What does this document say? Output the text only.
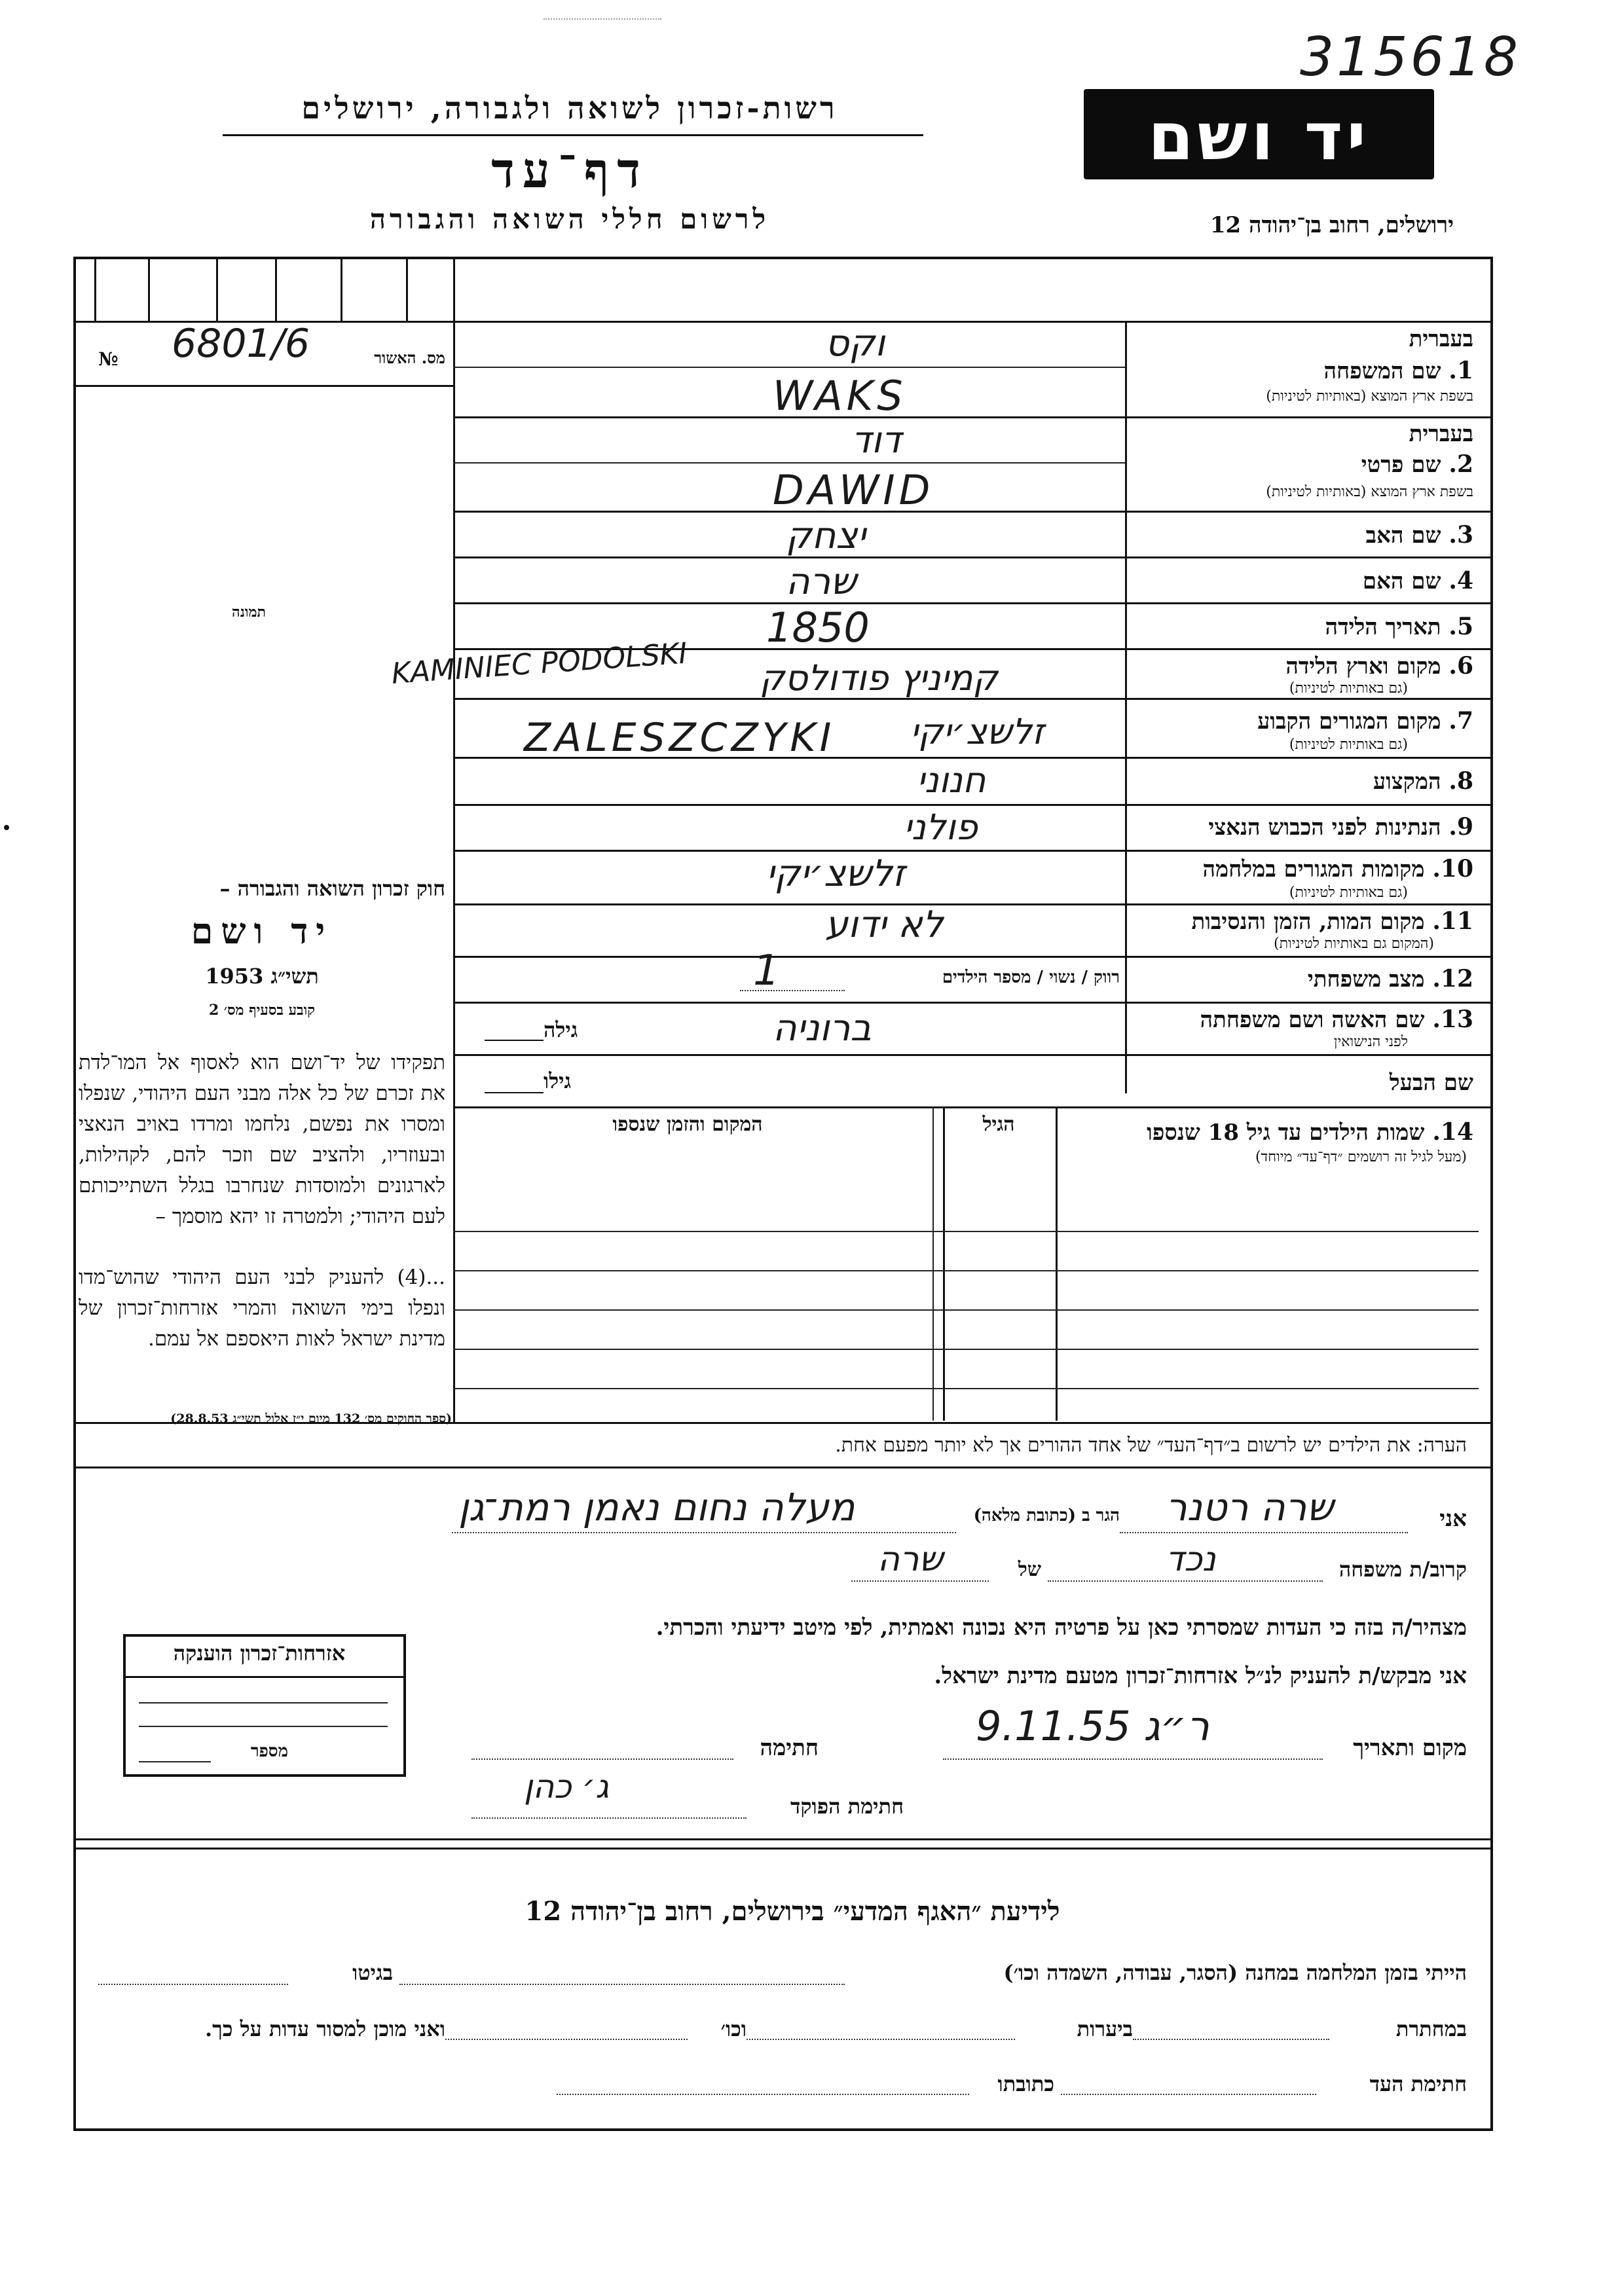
315618
רשות-זכרון לשואה ולגבורה, ירושלים
דף־עד
לרשום חללי השואה והגבורה
יד ושם
ירושלים, רחוב בן־יהודה 12
№ 6801/6	מס. האשור
תמונה
חוק זכרון השואה והגבורה –
יד ושם
תשי״ג 1953
קובע בסעיף מס׳ 2
תפקידו של יד־ושם הוא לאסוף אל המו־לדת את זכרם של כל אלה מבני העם היהודי, שנפלו ומסרו את נפשם, נלחמו ומרדו באויב הנאצי ובעוזריו, ולהציב שם וזכר להם, לקהילות, לארגונים ולמוסדות שנחרבו בגלל השתייכותם לעם היהודי; ולמטרה זו יהא מוסמך –
...(4) להעניק לבני העם היהודי שהוש־מדו ונפלו בימי השואה והמרי אזרחות־זכרון של מדינת ישראל לאות היאספם אל עמם.
(ספר החוקים מס׳ 132 מיום י״ז אלול תשי״ג 28.8.53)
בעברית
1. שם המשפחה
בשפת ארץ המוצא (באותיות לטיניות)
וקס
WAKS
בעברית
2. שם פרטי
בשפת ארץ המוצא (באותיות לטיניות)
דוד
DAWID
3. שם האב
יצחק
4. שם האם
שרה
5. תאריך הלידה
1850
6. מקום וארץ הלידה
(גם באותיות לטיניות)
קמיניץ פודולסק
KAMINIEC PODOLSKI
7. מקום המגורים הקבוע
(גם באותיות לטיניות)
זלשצ׳יקי
ZALESZCZYKI
8. המקצוע
חנוני
9. הנתינות לפני הכבוש הנאצי
פולני
10. מקומות המגורים במלחמה
(גם באותיות לטיניות)
זלשצ׳יקי
11. מקום המות, הזמן והנסיבות
(המקום גם באותיות לטיניות)
לא ידוע
12. מצב משפחתי
רווק / נשוי / מספר הילדים
1
13. שם האשה ושם משפחתה
לפני הנישואין
ברוניה
גילה
שם הבעל
גילו
14. שמות הילדים עד גיל 18 שנספו
(מעל לגיל זה רושמים ״דף־עד״ מיוחד)
הגיל
המקום והזמן שנספו
הערה: את הילדים יש לרשום ב״דף־העד״ של אחד ההורים אך לא יותר מפעם אחת.
אני
שרה רטנר
הגר ב (כתובת מלאה)
מעלה נחום נאמן רמת־גן
קרוב/ת משפחה
נכד
של
שרה
מצהיר/ה בזה כי העדות שמסרתי כאן על פרטיה היא נכונה ואמתית, לפי מיטב ידיעתי והכרתי.
אני מבקש/ת להעניק לנ״ל אזרחות־זכרון מטעם מדינת ישראל.
מקום ותאריך
ר״ג 9.11.55
חתימה
חתימת הפוקד
ג׳ כהן
אזרחות־זכרון הוענקה
מספר
לידיעת ״האגף המדעי״ בירושלים, רחוב בן־יהודה 12
הייתי בזמן המלחמה במחנה (הסגר, עבודה, השמדה וכו׳)
בגיטו
במחתרת
ביערות
וכו׳
ואני מוכן למסור עדות על כך.
חתימת העד
כתובתו
